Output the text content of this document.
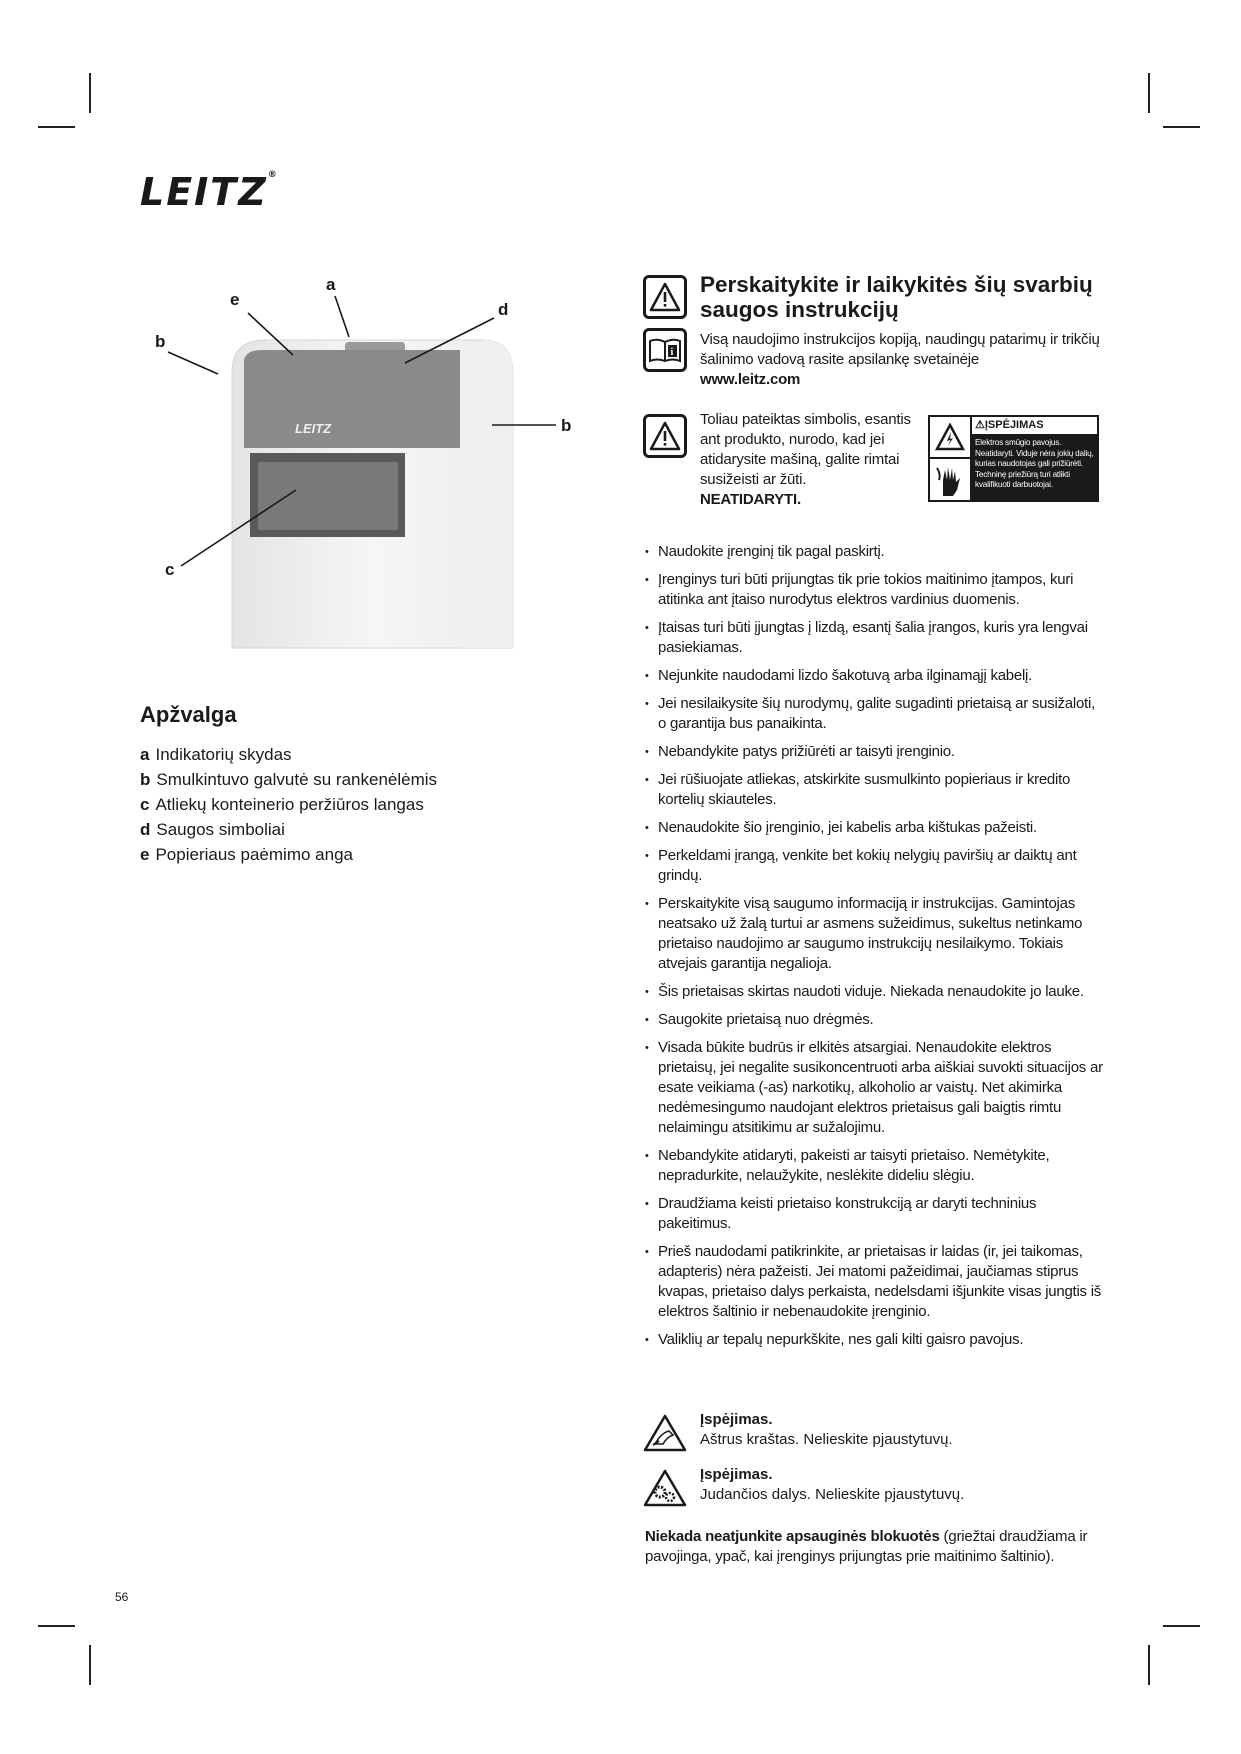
LEITZ®
LEITZ
a
e
d
b
b
c
Apžvalga
a Indikatorių skydas
b Smulkintuvo galvutė su rankenėlėmis
c Atliekų konteinerio peržiūros langas
d Saugos simboliai
e Popieriaus paėmimo anga
i
Perskaitykite ir laikykitės šių svarbių saugos instrukcijų
Visą naudojimo instrukcijos kopiją, naudingų patarimų ir trikčių šalinimo vadovą rasite apsilankę svetainėje
www.leitz.com
Toliau pateiktas simbolis, esantis ant produkto, nurodo, kad jei atidarysite mašiną, galite rimtai susižeisti ar žūti.
NEATIDARYTI.
⚠ĮSPĖJIMAS
Elektros smūgio pavojus. Neatidaryti. Viduje nėra jokių dalių, kurias naudotojas gali prižiūrėti. Techninę priežiūrą turi atlikti kvalifikuoti darbuotojai.
• Naudokite įrenginį tik pagal paskirtį.
• Įrenginys turi būti prijungtas tik prie tokios maitinimo įtampos, kuri atitinka ant įtaiso nurodytus elektros vardinius duomenis.
• Įtaisas turi būti įjungtas į lizdą, esantį šalia įrangos, kuris yra lengvai pasiekiamas.
• Nejunkite naudodami lizdo šakotuvą arba ilginamąjį kabelį.
• Jei nesilaikysite šių nurodymų, galite sugadinti prietaisą ar susižaloti, o garantija bus panaikinta.
• Nebandykite patys prižiūrėti ar taisyti įrenginio.
• Jei rūšiuojate atliekas, atskirkite susmulkinto popieriaus ir kredito kortelių skiauteles.
• Nenaudokite šio įrenginio, jei kabelis arba kištukas pažeisti.
• Perkeldami įrangą, venkite bet kokių nelygių paviršių ar daiktų ant grindų.
• Perskaitykite visą saugumo informaciją ir instrukcijas. Gamintojas neatsako už žalą turtui ar asmens sužeidimus, sukeltus netinkamo prietaiso naudojimo ar saugumo instrukcijų nesilaikymo. Tokiais atvejais garantija negalioja.
• Šis prietaisas skirtas naudoti viduje. Niekada nenaudokite jo lauke.
• Saugokite prietaisą nuo drėgmės.
• Visada būkite budrūs ir elkitės atsargiai. Nenaudokite elektros prietaisų, jei negalite susikoncentruoti arba aiškiai suvokti situacijos ar esate veikiama (-as) narkotikų, alkoholio ar vaistų. Net akimirka nedėmesingumo naudojant elektros prietaisus gali baigtis rimtu nelaimingu atsitikimu ar sužalojimu.
• Nebandykite atidaryti, pakeisti ar taisyti prietaiso. Nemėtykite, nepradurkite, nelaužykite, neslėkite dideliu slėgiu.
• Draudžiama keisti prietaiso konstrukciją ar daryti techninius pakeitimus.
• Prieš naudodami patikrinkite, ar prietaisas ir laidas (ir, jei taikomas, adapteris) nėra pažeisti. Jei matomi pažeidimai, jaučiamas stiprus kvapas, prietaiso dalys perkaista, nedelsdami išjunkite visas jungtis iš elektros šaltinio ir nebenaudokite įrenginio.
• Valiklių ar tepalų nepurkškite, nes gali kilti gaisro pavojus.
Įspėjimas.
Aštrus kraštas. Nelieskite pjaustytuvų.
Įspėjimas.
Judančios dalys. Nelieskite pjaustytuvų.
Niekada neatjunkite apsauginės blokuotės (griežtai draudžiama ir pavojinga, ypač, kai įrenginys prijungtas prie maitinimo šaltinio).
56
